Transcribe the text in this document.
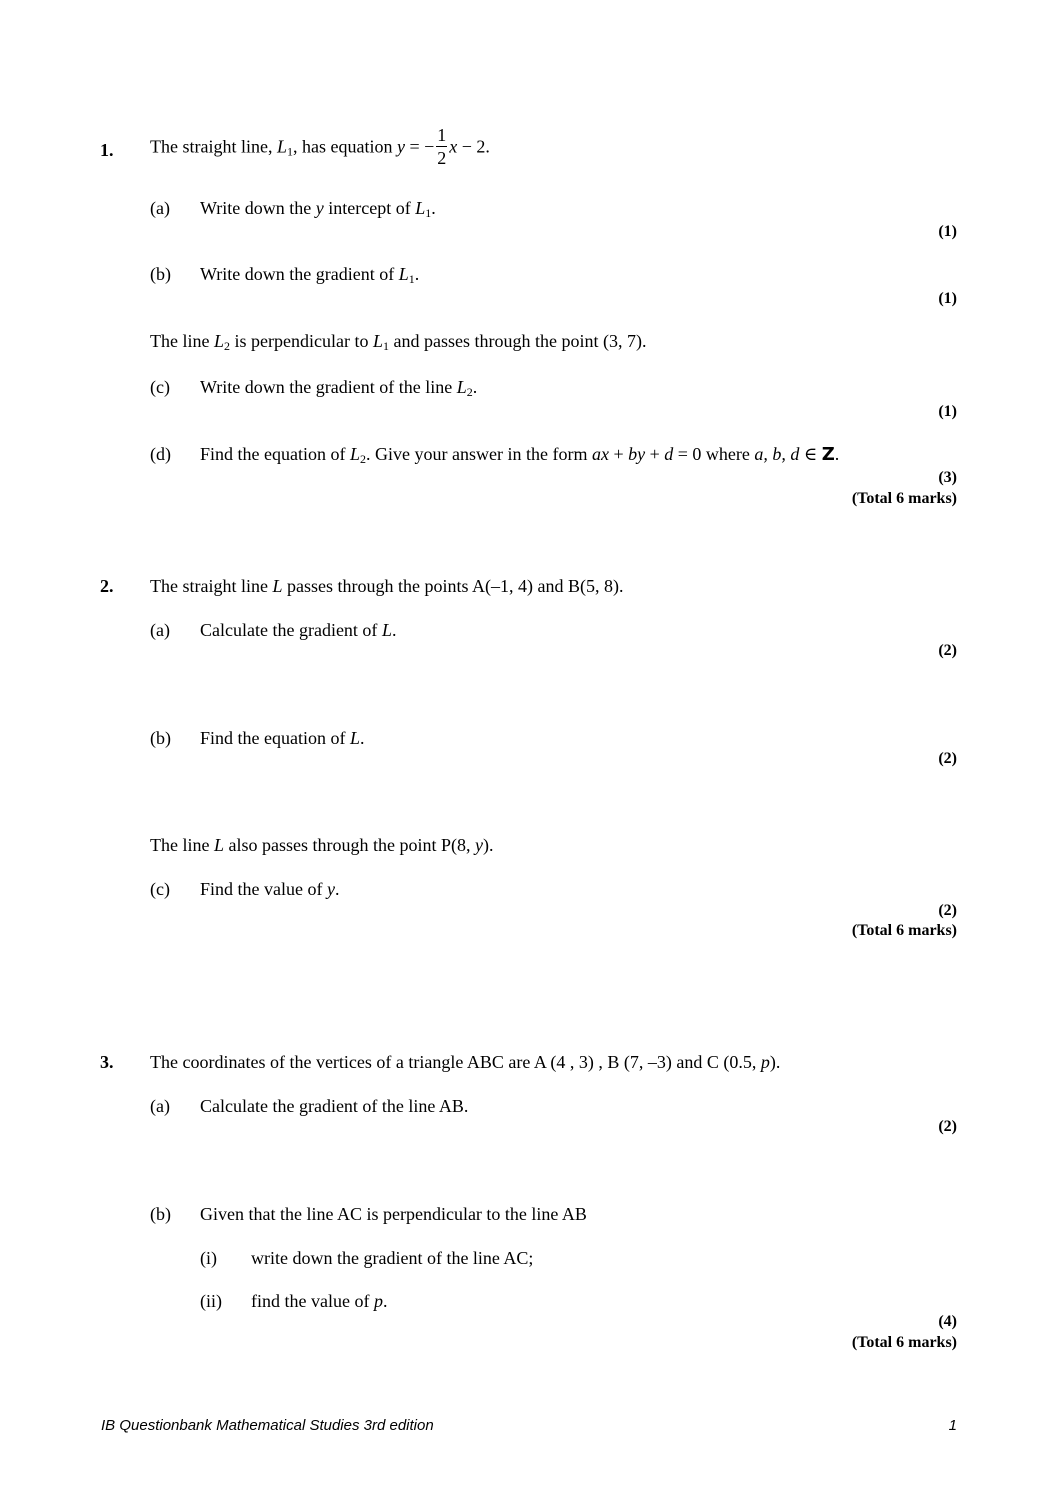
1. The straight line, $L_1$, has equation y = − $\frac{1}{2}$ x − 2.
(a) Write down the y intercept of $L_1$.
(1)
(b) Write down the gradient of $L_1$.
(1)
The line $L_2$ is perpendicular to $L_1$ and passes through the point (3, 7).
(c) Write down the gradient of the line $L_2$.
(1)
(d) Find the equation of $L_2$. Give your answer in the form ax + by + d = 0 where a, b, d ∈ Z.
(3)
(Total 6 marks)
2. The straight line L passes through the points A(–1, 4) and B(5, 8).
(a) Calculate the gradient of L.
(2)
(b) Find the equation of L.
(2)
The line L also passes through the point P(8, y).
(c) Find the value of y.
(2)
(Total 6 marks)
3. The coordinates of the vertices of a triangle ABC are A (4 , 3) , B (7, –3) and C (0.5, p).
(a) Calculate the gradient of the line AB.
(2)
(b) Given that the line AC is perpendicular to the line AB
(i) write down the gradient of the line AC;
(ii) find the value of p.
(4)
(Total 6 marks)
IB Questionbank Mathematical Studies 3rd edition	1
